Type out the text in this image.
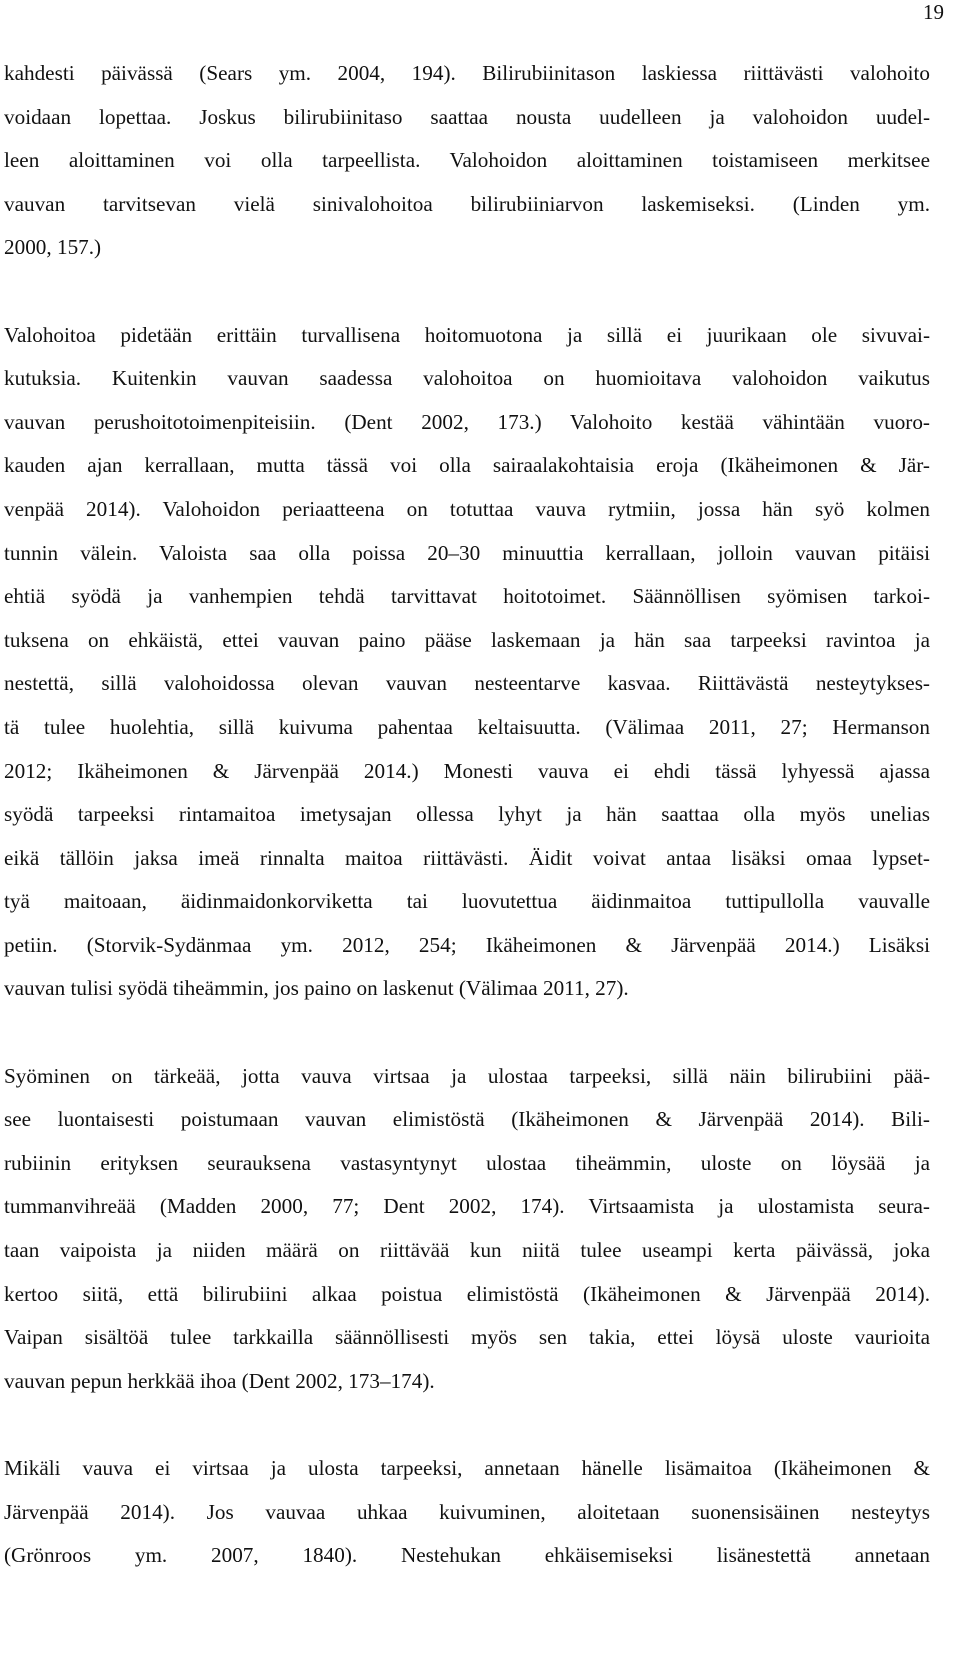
19
kahdesti päivässä (Sears ym. 2004, 194). Bilirubiinitason laskiessa riittävästi valohoito
voidaan lopettaa. Joskus bilirubiinitaso saattaa nousta uudelleen ja valohoidon uudel-
leen aloittaminen voi olla tarpeellista. Valohoidon aloittaminen toistamiseen merkitsee
vauvan tarvitsevan vielä sinivalohoitoa bilirubiiniarvon laskemiseksi. (Linden ym.
2000, 157.)
Valohoitoa pidetään erittäin turvallisena hoitomuotona ja sillä ei juurikaan ole sivuvai-
kutuksia. Kuitenkin vauvan saadessa valohoitoa on huomioitava valohoidon vaikutus
vauvan perushoitotoimenpiteisiin. (Dent 2002, 173.) Valohoito kestää vähintään vuoro-
kauden ajan kerrallaan, mutta tässä voi olla sairaalakohtaisia eroja (Ikäheimonen & Jär-
venpää 2014). Valohoidon periaatteena on totuttaa vauva rytmiin, jossa hän syö kolmen
tunnin välein. Valoista saa olla poissa 20–30 minuuttia kerrallaan, jolloin vauvan pitäisi
ehtiä syödä ja vanhempien tehdä tarvittavat hoitotoimet. Säännöllisen syömisen tarkoi-
tuksena on ehkäistä, ettei vauvan paino pääse laskemaan ja hän saa tarpeeksi ravintoa ja
nestettä, sillä valohoidossa olevan vauvan nesteentarve kasvaa. Riittävästä nesteytykses-
tä tulee huolehtia, sillä kuivuma pahentaa keltaisuutta. (Välimaa 2011, 27; Hermanson
2012; Ikäheimonen & Järvenpää 2014.) Monesti vauva ei ehdi tässä lyhyessä ajassa
syödä tarpeeksi rintamaitoa imetysajan ollessa lyhyt ja hän saattaa olla myös unelias
eikä tällöin jaksa imeä rinnalta maitoa riittävästi. Äidit voivat antaa lisäksi omaa lypset-
tyä maitoaan, äidinmaidonkorviketta tai luovutettua äidinmaitoa tuttipullolla vauvalle
petiin. (Storvik-Sydänmaa ym. 2012, 254; Ikäheimonen & Järvenpää 2014.) Lisäksi
vauvan tulisi syödä tiheämmin, jos paino on laskenut (Välimaa 2011, 27).
Syöminen on tärkeää, jotta vauva virtsaa ja ulostaa tarpeeksi, sillä näin bilirubiini pää-
see luontaisesti poistumaan vauvan elimistöstä (Ikäheimonen & Järvenpää 2014). Bili-
rubiinin erityksen seurauksena vastasyntynyt ulostaa tiheämmin, uloste on löysää ja
tummanvihreää (Madden 2000, 77; Dent 2002, 174). Virtsaamista ja ulostamista seura-
taan vaipoista ja niiden määrä on riittävää kun niitä tulee useampi kerta päivässä, joka
kertoo siitä, että bilirubiini alkaa poistua elimistöstä (Ikäheimonen & Järvenpää 2014).
Vaipan sisältöä tulee tarkkailla säännöllisesti myös sen takia, ettei löysä uloste vaurioita
vauvan pepun herkkää ihoa (Dent 2002, 173–174).
Mikäli vauva ei virtsaa ja ulosta tarpeeksi, annetaan hänelle lisämaitoa (Ikäheimonen &
Järvenpää 2014). Jos vauvaa uhkaa kuivuminen, aloitetaan suonensisäinen nesteytys
(Grönroos ym. 2007, 1840). Nestehukan ehkäisemiseksi lisänestettä annetaan
